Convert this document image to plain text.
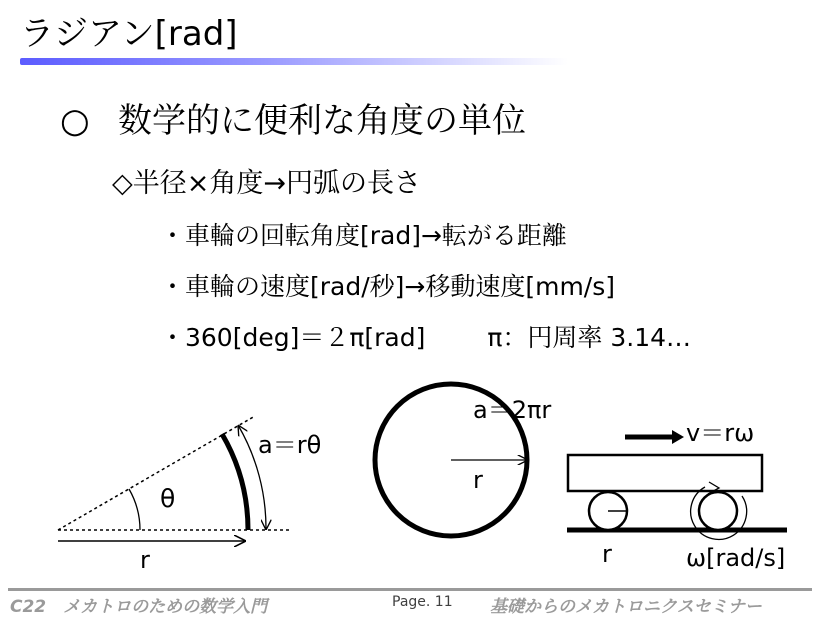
ラジアン[rad]
○ 数学的に便利な角度の単位
◇半径×角度→円弧の長さ
・車輪の回転角度[rad]→転がる距離
・車輪の速度[rad/秒]→移動速度[mm/s]
・360[deg]＝２π[rad] π：円周率 3.14…
a＝rθ
θ
r
a＝2πr
r
v＝rω
r	ω[rad/s]
C22　メカトロのための数学入門	Page. 11 基礎からのメカトロニクスセミナー
